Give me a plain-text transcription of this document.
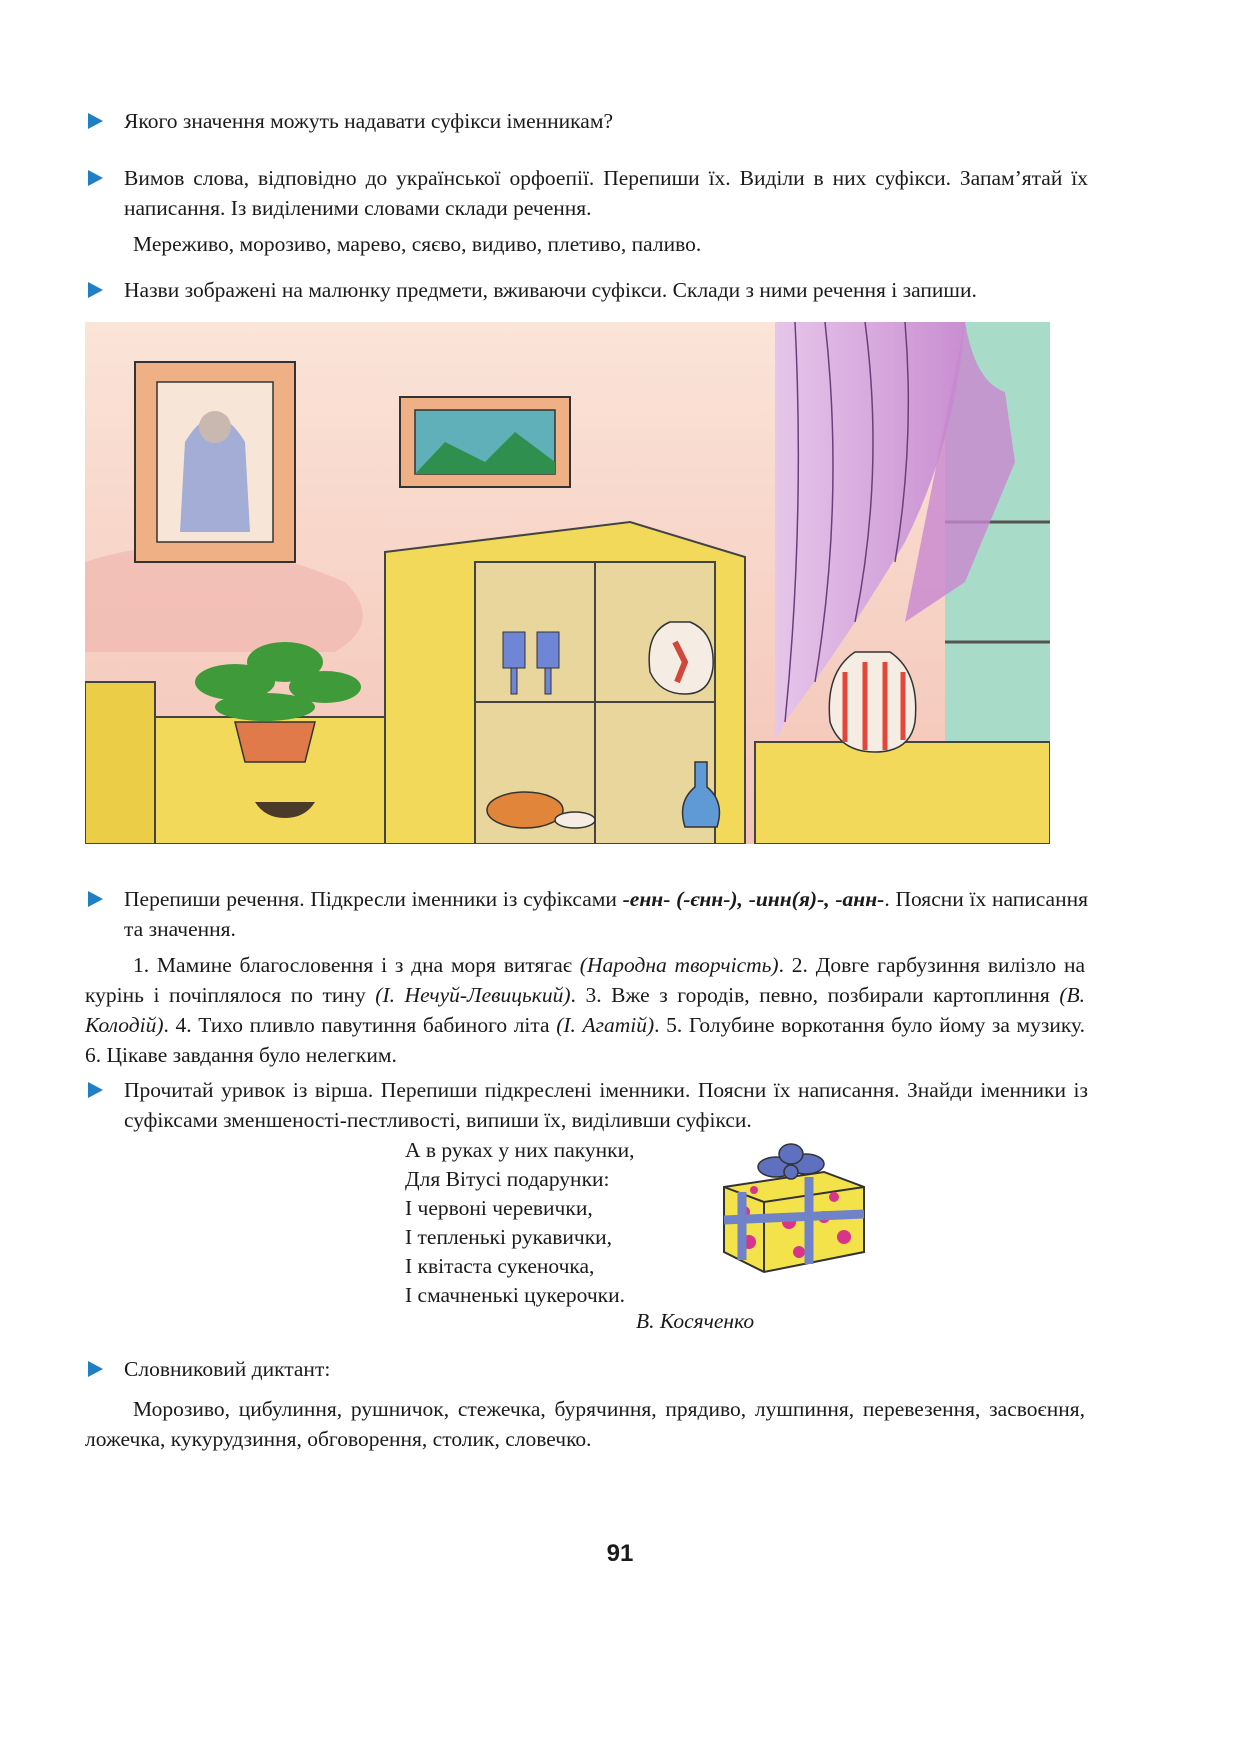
Якого значення можуть надавати суфікси іменникам?
Вимов слова, відповідно до української орфоепії. Перепиши їх. Виділи в них суфікси. Запам’ятай їх написання. Із виділеними словами склади речення.
Мереживо, морозиво, марево, сяєво, видиво, плетиво, паливо.
Назви зображені на малюнку предмети, вживаючи суфікси. Склади з ними речення і запиши.
Перепиши речення. Підкресли іменники із суфіксами -енн- (-єнн-), -инн(я)-, -анн-. Поясни їх написання та значення.
1. Мамине благословення і з дна моря витягає (Народна творчість). 2. Довге гарбузиння вилізло на курінь і почіплялося по тину (І. Нечуй-Левицький). 3. Вже з городів, певно, позбирали картоплиння (В. Колодій). 4. Тихо пливло павутиння бабиного літа (І. Агатій). 5. Голубине воркотання було йому за музику. 6. Цікаве завдання було нелегким.
Прочитай уривок із вірша. Перепиши підкреслені іменники. Поясни їх написання. Знайди іменники із суфіксами зменшеності-пестливості, випиши їх, виділивши суфікси.
А в руках у них пакунки,
Для Вітусі подарунки:
І червоні черевички,
І тепленькі рукавички,
І квітаста сукеночка,
І смачненькі цукерочки.
В. Косяченко
Словниковий диктант:
Морозиво, цибулиння, рушничок, стежечка, бурячиння, прядиво, лушпиння, перевезення, засвоєння, ложечка, кукурудзиння, обговорення, столик, словечко.
91
